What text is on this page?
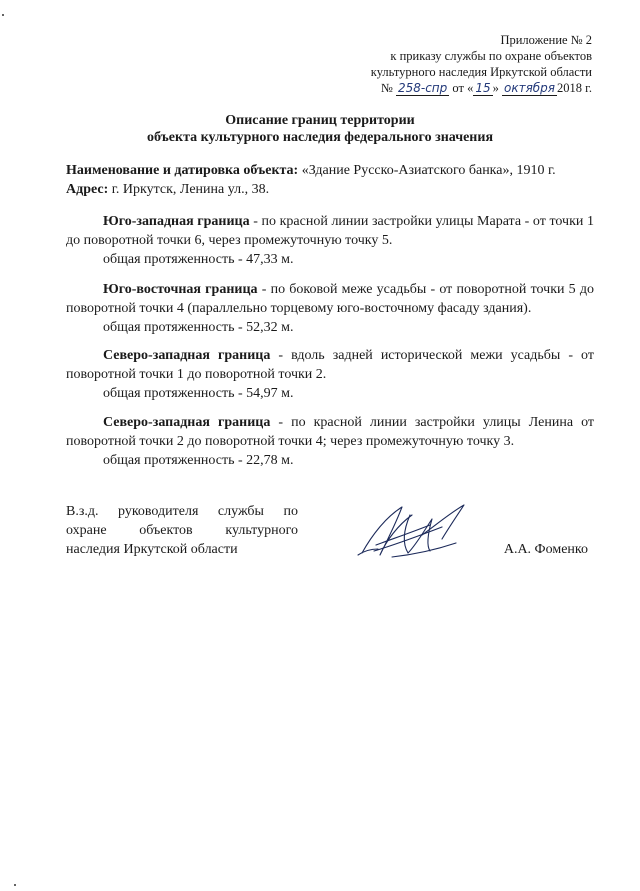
Приложение № 2
к приказу службы по охране объектов
культурного наследия Иркутской области
№ 258-спр от « 15 » октября 2018 г.
Описание границ территории
объекта культурного наследия федерального значения
Наименование и датировка объекта: «Здание Русско-Азиатского банка», 1910 г.
Адрес: г. Иркутск, Ленина ул., 38.

Юго-западная граница - по красной линии застройки улицы Марата - от точки 1 до поворотной точки 6, через промежуточную точку 5.

общая протяженность - 47,33 м.

Юго-восточная граница - по боковой меже усадьбы - от поворотной точки 5 до поворотной точки 4 (параллельно торцевому юго-восточному фасаду здания).

общая протяженность - 52,32 м.

Северо-западная граница - вдоль задней исторической межи усадьбы - от поворотной точки 1 до поворотной точки 2.

общая протяженность - 54,97 м.

Северо-западная граница - по красной линии застройки улицы Ленина от поворотной точки 2 до поворотной точки 4; через промежуточную точку 3.

общая протяженность - 22,78 м.
В.з.д. руководителя службы по
охране объектов культурного
наследия Иркутской области	А.А. Фоменко
